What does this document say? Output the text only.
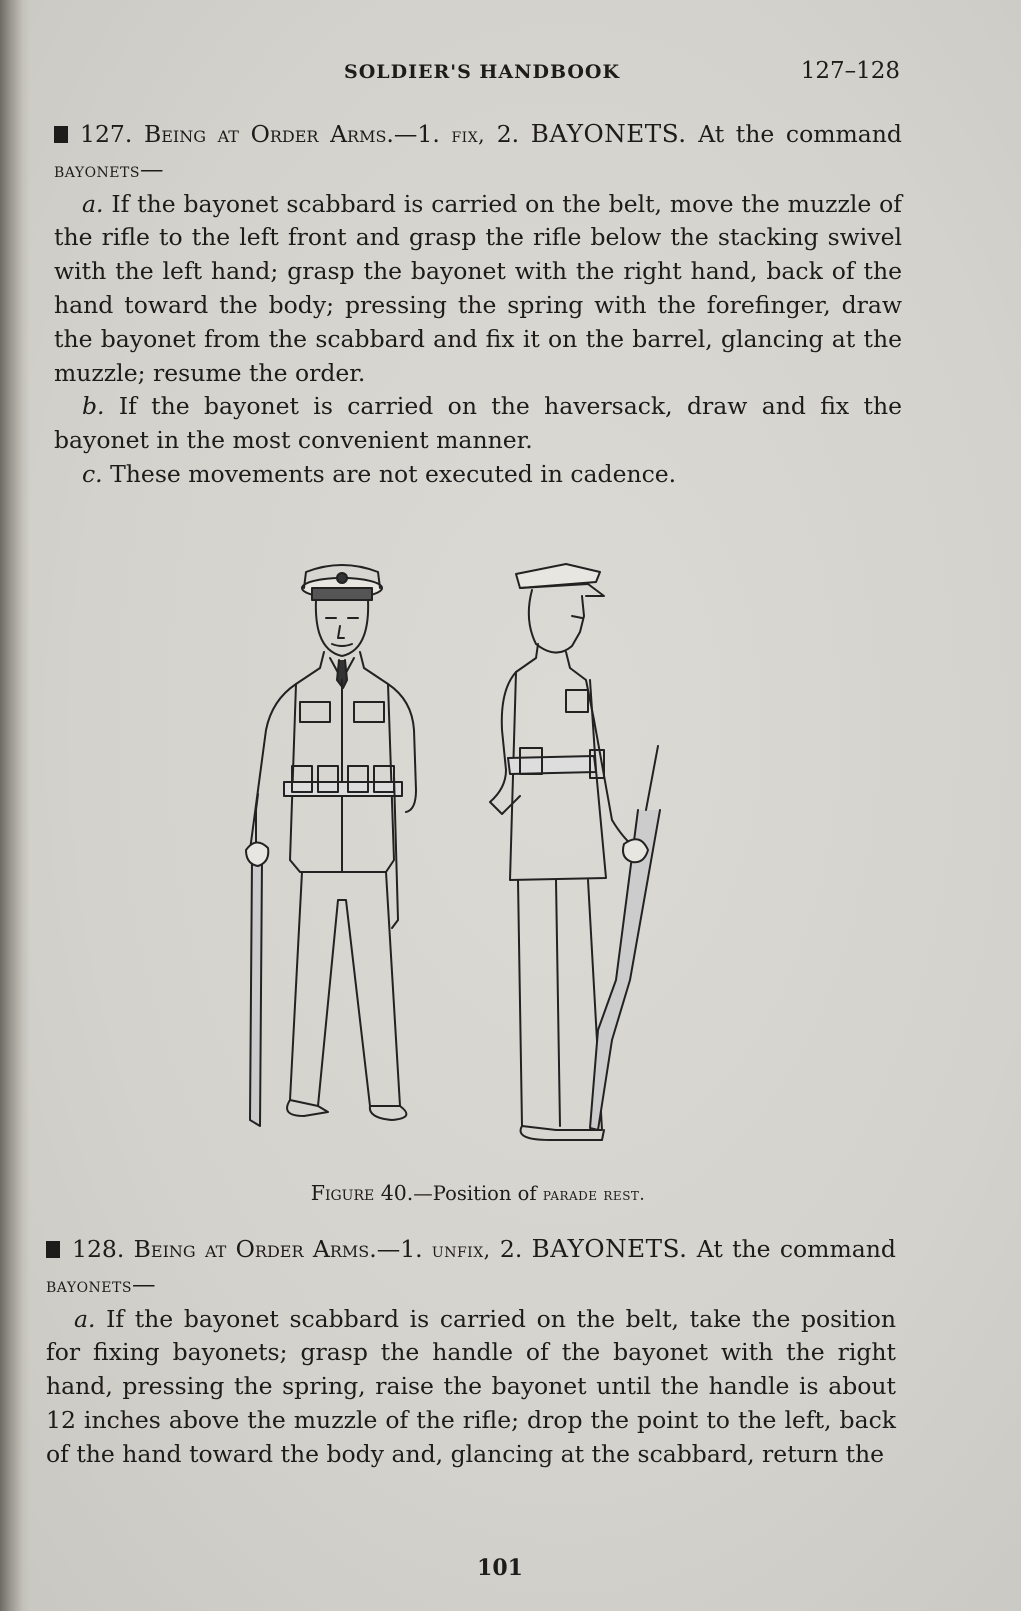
SOLDIER'S HANDBOOK	127–128

127. Being at Order Arms.—1. fix, 2. BAYONETS. At the command bayonets—

a. If the bayonet scabbard is carried on the belt, move the muzzle of the rifle to the left front and grasp the rifle below the stacking swivel with the left hand; grasp the bayonet with the right hand, back of the hand toward the body; pressing the spring with the forefinger, draw the bayonet from the scabbard and fix it on the barrel, glancing at the muzzle; resume the order.

b. If the bayonet is carried on the haversack, draw and fix the bayonet in the most convenient manner.

c. These movements are not executed in cadence.

Figure 40.—Position of parade rest.

128. Being at Order Arms.—1. unfix, 2. BAYONETS. At the command bayonets—

a. If the bayonet scabbard is carried on the belt, take the position for fixing bayonets; grasp the handle of the bayonet with the right hand, pressing the spring, raise the bayonet until the handle is about 12 inches above the muzzle of the rifle; drop the point to the left, back of the hand toward the body and, glancing at the scabbard, return the

101
